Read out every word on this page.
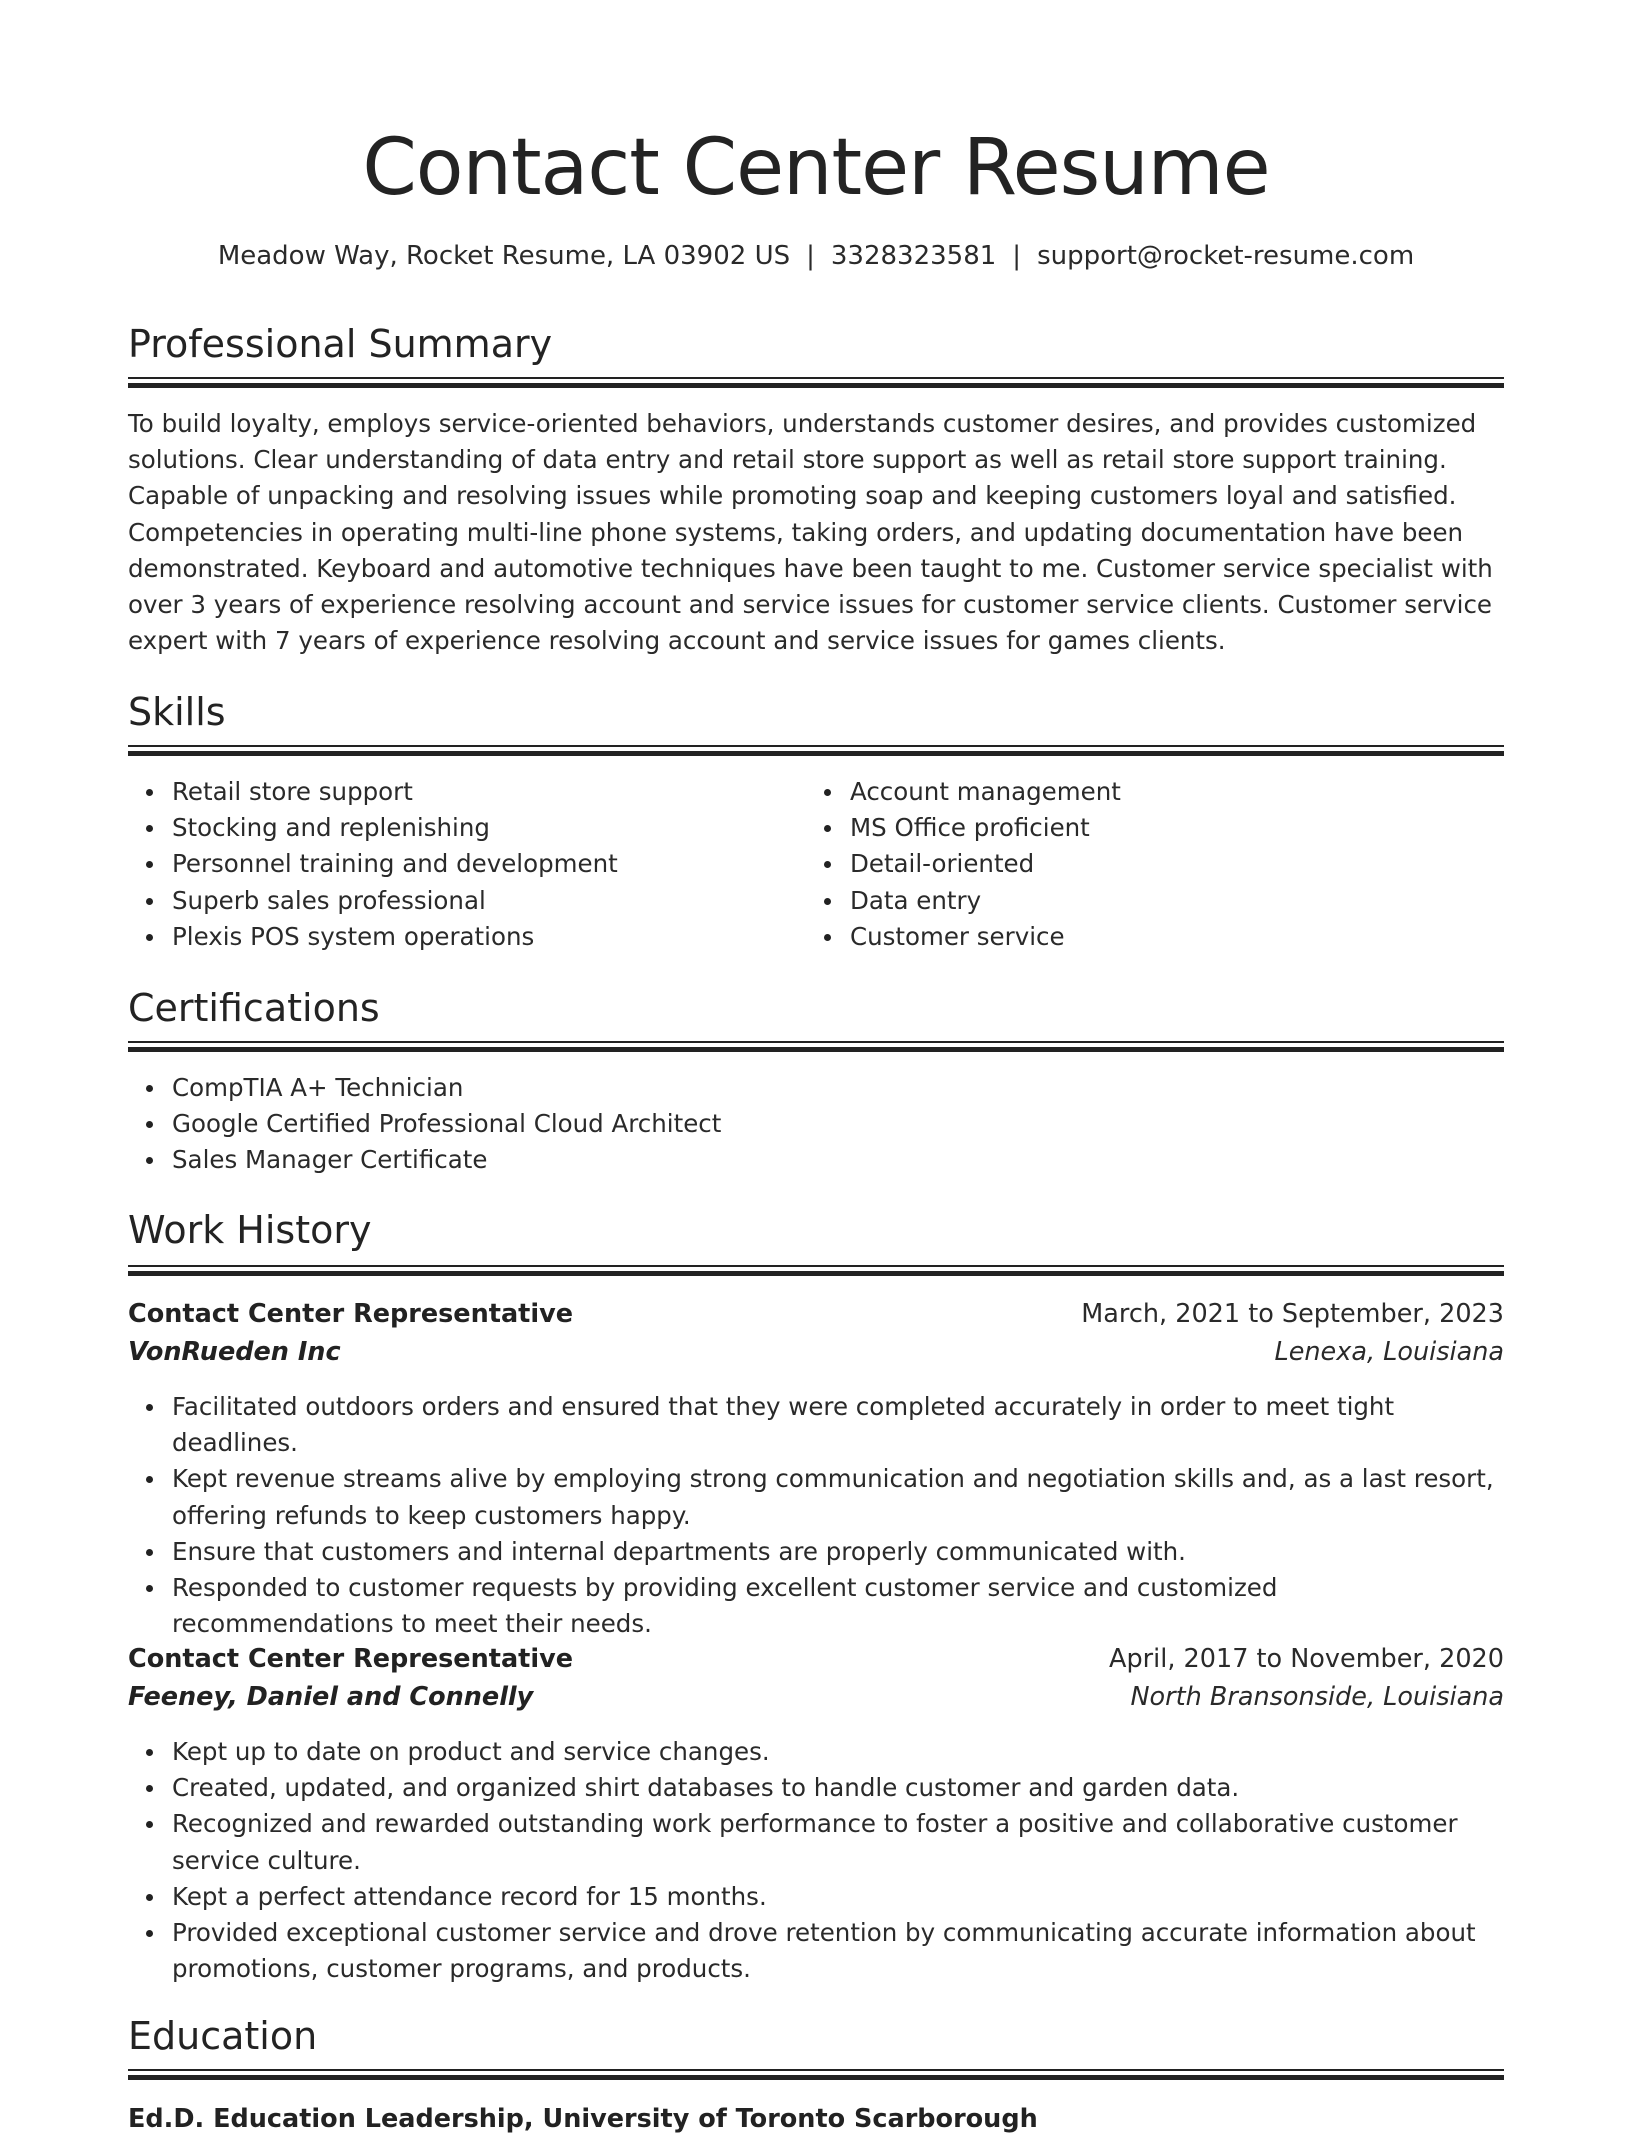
Contact Center Resume
Meadow Way, Rocket Resume, LA 03902 US | 3328323581 | support@rocket-resume.com
Professional Summary

To build loyalty, employs service-oriented behaviors, understands customer desires, and provides customized solutions. Clear understanding of data entry and retail store support as well as retail store support training. Capable of unpacking and resolving issues while promoting soap and keeping customers loyal and satisfied. Competencies in operating multi-line phone systems, taking orders, and updating documentation have been demonstrated. Keyboard and automotive techniques have been taught to me. Customer service specialist with over 3 years of experience resolving account and service issues for customer service clients. Customer service expert with 7 years of experience resolving account and service issues for games clients.

Skills
Retail store support
Stocking and replenishing
Personnel training and development
Superb sales professional
Plexis POS system operations
Account management
MS Office proficient
Detail-oriented
Data entry
Customer service
Certifications
CompTIA A+ Technician
Google Certified Professional Cloud Architect
Sales Manager Certificate
Work History
Contact Center Representative	March, 2021 to September, 2023
VonRueden Inc	Lenexa, Louisiana
Facilitated outdoors orders and ensured that they were completed accurately in order to meet tight deadlines.
Kept revenue streams alive by employing strong communication and negotiation skills and, as a last resort, offering refunds to keep customers happy.
Ensure that customers and internal departments are properly communicated with.
Responded to customer requests by providing excellent customer service and customized recommendations to meet their needs.
Contact Center Representative	April, 2017 to November, 2020
Feeney, Daniel and Connelly	North Bransonside, Louisiana
Kept up to date on product and service changes.
Created, updated, and organized shirt databases to handle customer and garden data.
Recognized and rewarded outstanding work performance to foster a positive and collaborative customer service culture.
Kept a perfect attendance record for 15 months.
Provided exceptional customer service and drove retention by communicating accurate information about promotions, customer programs, and products.
Education
Ed.D. Education Leadership, University of Toronto Scarborough
